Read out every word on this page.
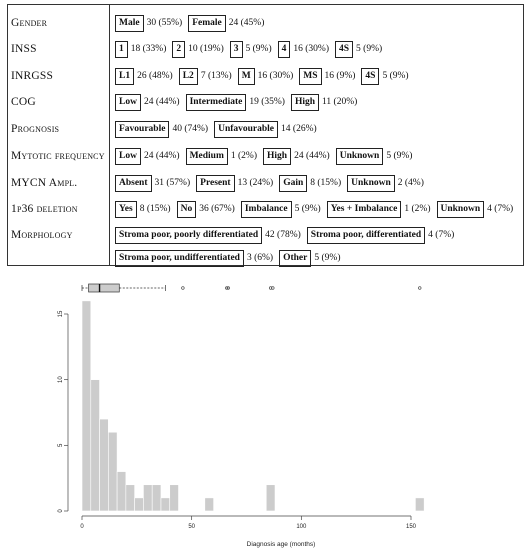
Gender	Male 30 (55%) Female 24 (45%)
INSS	1 18 (33%) 2 10 (19%) 3 5 (9%) 4 16 (30%) 4S 5 (9%)
INRGSS	L1 26 (48%) L2 7 (13%) M 16 (30%) MS 16 (9%) 4S 5 (9%)
COG	Low 24 (44%) Intermediate 19 (35%) High 11 (20%)
Prognosis	Favourable 40 (74%) Unfavourable 14 (26%)
Mytotic frequency	Low 24 (44%) Medium 1 (2%) High 24 (44%) Unknown 5 (9%)
MYCN Ampl.	Absent 31 (57%) Present 13 (24%) Gain 8 (15%) Unknown 2 (4%)
1p36 deletion	Yes 8 (15%) No 36 (67%) Imbalance 5 (9%) Yes + Imbalance 1 (2%) Unknown 4 (7%)
Morphology	Stroma poor, poorly differentiated 42 (78%) Stroma poor, differentiated 4 (7%)
Stroma poor, undifferentiated 3 (6%) Other 5 (9%)
0	50	100	150
0
5
10
15
Diagnosis age (months)
